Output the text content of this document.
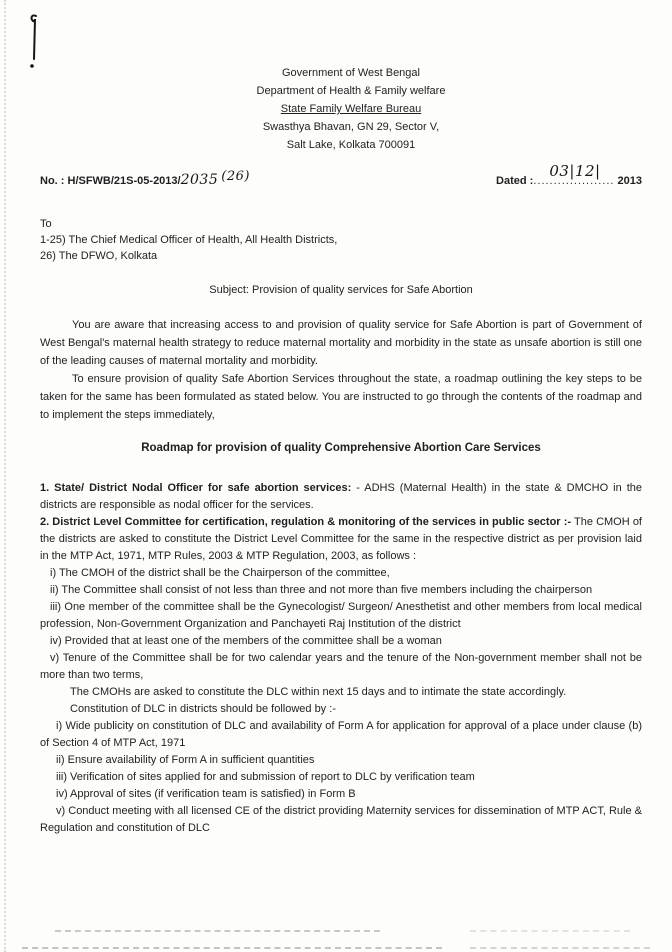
Government of West Bengal
Department of Health & Family welfare
State Family Welfare Bureau
Swasthya Bhavan, GN 29, Sector V,
Salt Lake, Kolkata 700091
No. : H/SFWB/21S-05-2013/2035 (26)	Dated :....................
03|12|
2013
To
1-25) The Chief Medical Officer of Health, All Health Districts,
26) The DFWO, Kolkata
Subject: Provision of quality services for Safe Abortion

You are aware that increasing access to and provision of quality service for Safe Abortion is part of Government of West Bengal's maternal health strategy to reduce maternal mortality and morbidity in the state as unsafe abortion is still one of the leading causes of maternal mortality and morbidity.

To ensure provision of quality Safe Abortion Services throughout the state, a roadmap outlining the key steps to be taken for the same has been formulated as stated below. You are instructed to go through the contents of the roadmap and to implement the steps immediately,

Roadmap for provision of quality Comprehensive Abortion Care Services

1. State/ District Nodal Officer for safe abortion services: - ADHS (Maternal Health) in the state & DMCHO in the districts are responsible as nodal officer for the services.

2. District Level Committee for certification, regulation & monitoring of the services in public sector :- The CMOH of the districts are asked to constitute the District Level Committee for the same in the respective district as per provision laid in the MTP Act, 1971, MTP Rules, 2003 & MTP Regulation, 2003, as follows :

i) The CMOH of the district shall be the Chairperson of the committee,

ii) The Committee shall consist of not less than three and not more than five members including the chairperson

iii) One member of the committee shall be the Gynecologist/ Surgeon/ Anesthetist and other members from local medical profession, Non-Government Organization and Panchayeti Raj Institution of the district

iv) Provided that at least one of the members of the committee shall be a woman

v) Tenure of the Committee shall be for two calendar years and the tenure of the Non-government member shall not be more than two terms,

The CMOHs are asked to constitute the DLC within next 15 days and to intimate the state accordingly.

Constitution of DLC in districts should be followed by :-

i) Wide publicity on constitution of DLC and availability of Form A for application for approval of a place under clause (b) of Section 4 of MTP Act, 1971

ii) Ensure availability of Form A in sufficient quantities

iii) Verification of sites applied for and submission of report to DLC by verification team

iv) Approval of sites (if verification team is satisfied) in Form B

v) Conduct meeting with all licensed CE of the district providing Maternity services for dissemination of MTP ACT, Rule & Regulation and constitution of DLC
